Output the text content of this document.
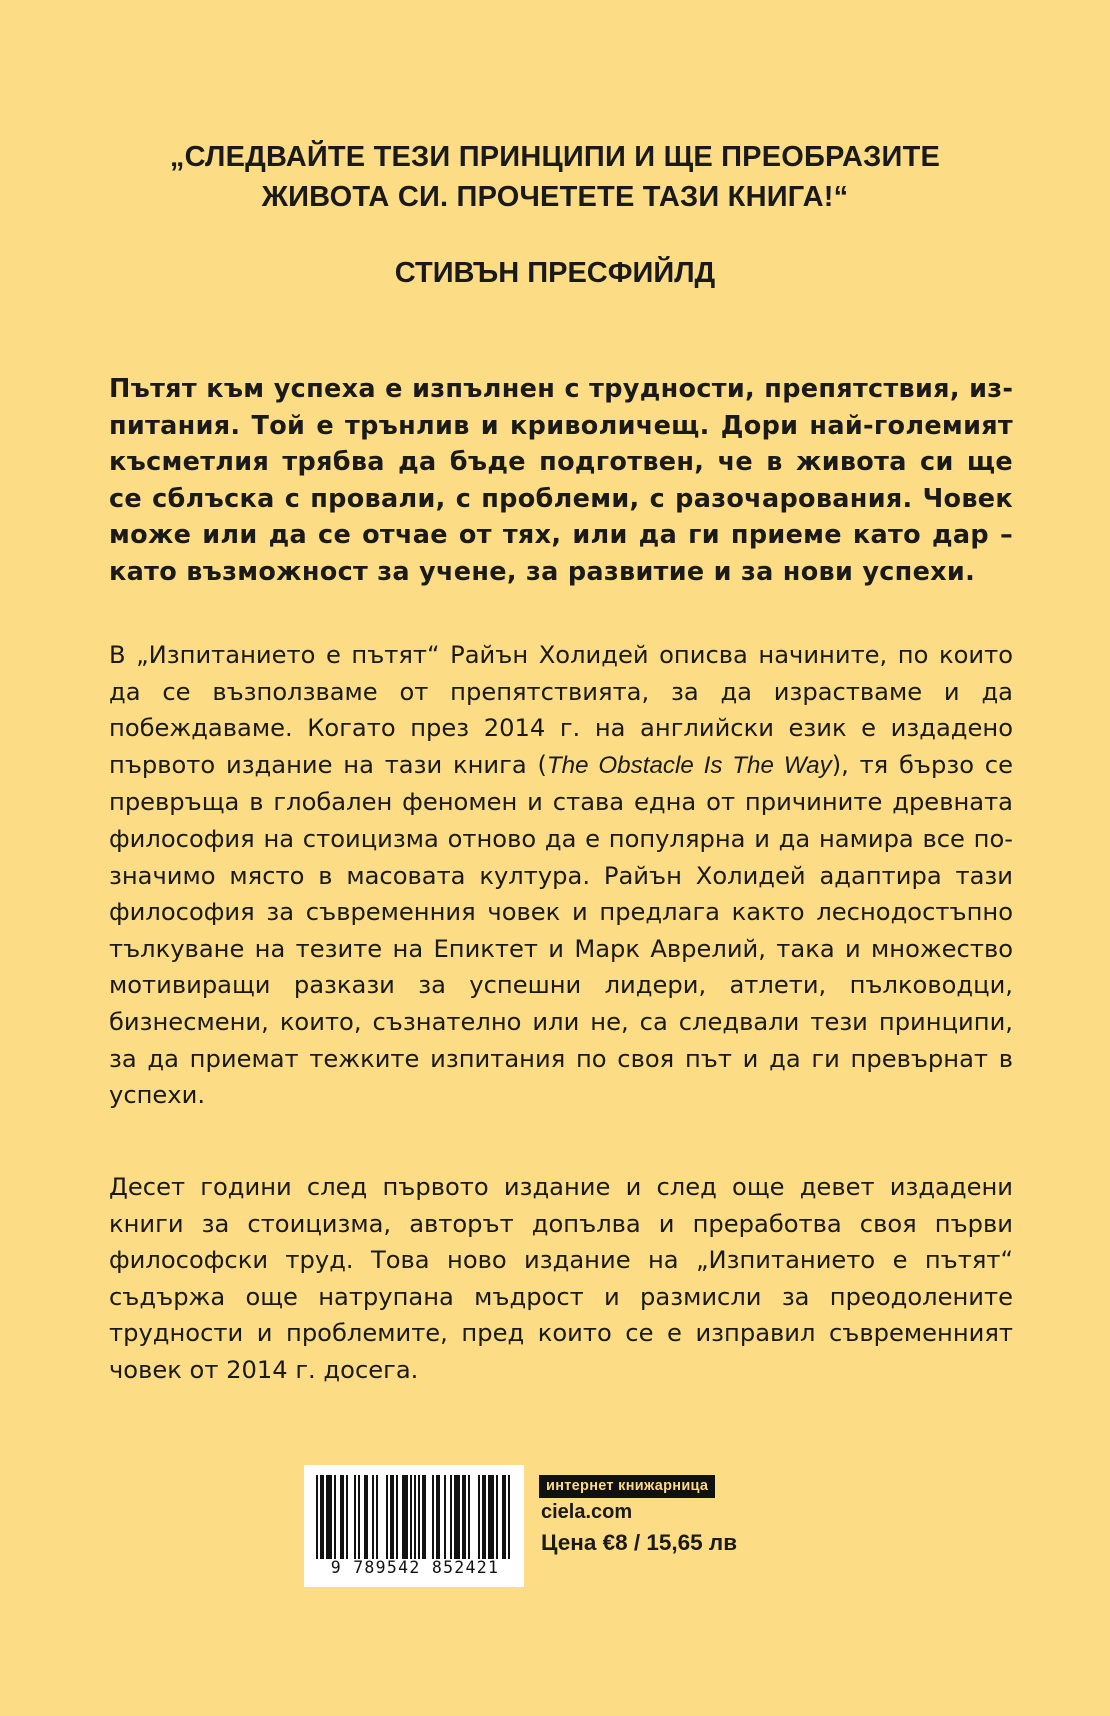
„СЛЕДВАЙТЕ ТЕЗИ ПРИНЦИПИ И ЩЕ ПРЕОБРАЗИТЕ
ЖИВОТА СИ. ПРОЧЕТЕТЕ ТАЗИ КНИГА!“

СТИВЪН ПРЕСФИЙЛД

Пътят към успеха е изпълнен с трудности, препятствия, изпитания. Той е трънлив и криволичещ. Дори най-големият късметлия трябва да бъде подготвен, че в живота си ще се сблъска с провали, с проблеми, с разочарования. Човек може или да се отчае от тях, или да ги приеме като дар – като възможност за учене, за развитие и за нови успехи.

В „Изпитанието е пътят“ Райън Холидей описва начините, по които да се възползваме от препятствията, за да израстваме и да побеждаваме. Когато през 2014 г. на английски език е издадено първото издание на тази книга (The Obstacle Is The Way), тя бързо се превръща в глобален феномен и става една от причините древната философия на стоицизма отново да е популярна и да намира все по-значимо място в масовата култура. Райън Холидей адаптира тази философия за съвременния човек и предлага както леснодостъпно тълкуване на тезите на Епиктет и Марк Аврелий, така и множество мотивиращи разкази за успешни лидери, атлети, пълководци, бизнесмени, които, съзнателно или не, са следвали тези принципи, за да приемат тежките изпитания по своя път и да ги превърнат в успехи.

Десет години след първото издание и след още девет издадени книги за стоицизма, авторът допълва и преработва своя първи философски труд. Това ново издание на „Изпитанието е пътят“ съдържа още натрупана мъдрост и размисли за преодолените трудности и проблемите, пред които се е изправил съвременният човек от 2014 г. досега.

9 789542 852421
интернет книжарница
ciela.com
Цена €8 / 15,65 лв
